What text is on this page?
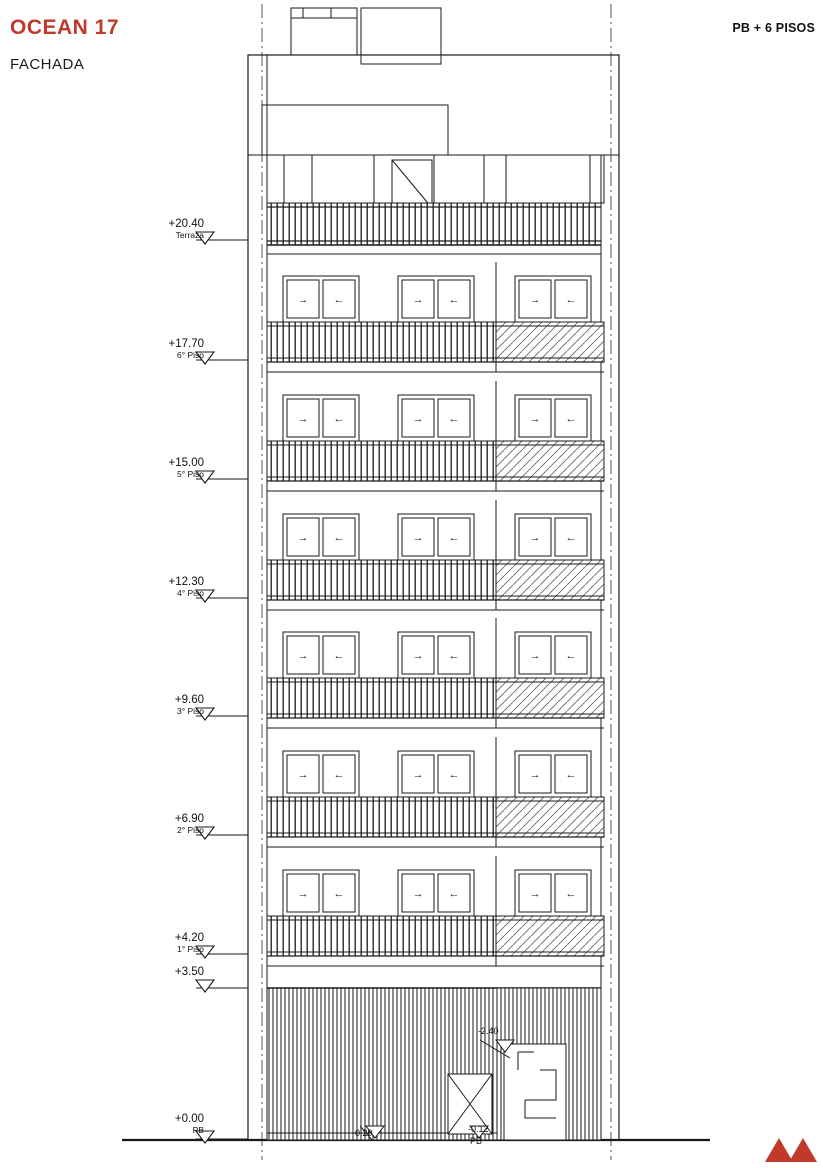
OCEAN 17
FACHADA
PB + 6 PISOS
+20.40
Terraza
+17.70
6° Piso
+15.00
5° Piso
+12.30
4° Piso
+9.60
3° Piso
+6.90
2° Piso
+4.20
1° Piso
+3.50
+0.00
PB
-2.40
-0.20	-0.12
PB
→ ←	→ ←	→ ←
→ ←	→ ←	→ ←
→ ←	→ ←	→ ←
→ ←	→ ←	→ ←
→ ←	→ ←	→ ←
→ ←	→ ←	→ ←
